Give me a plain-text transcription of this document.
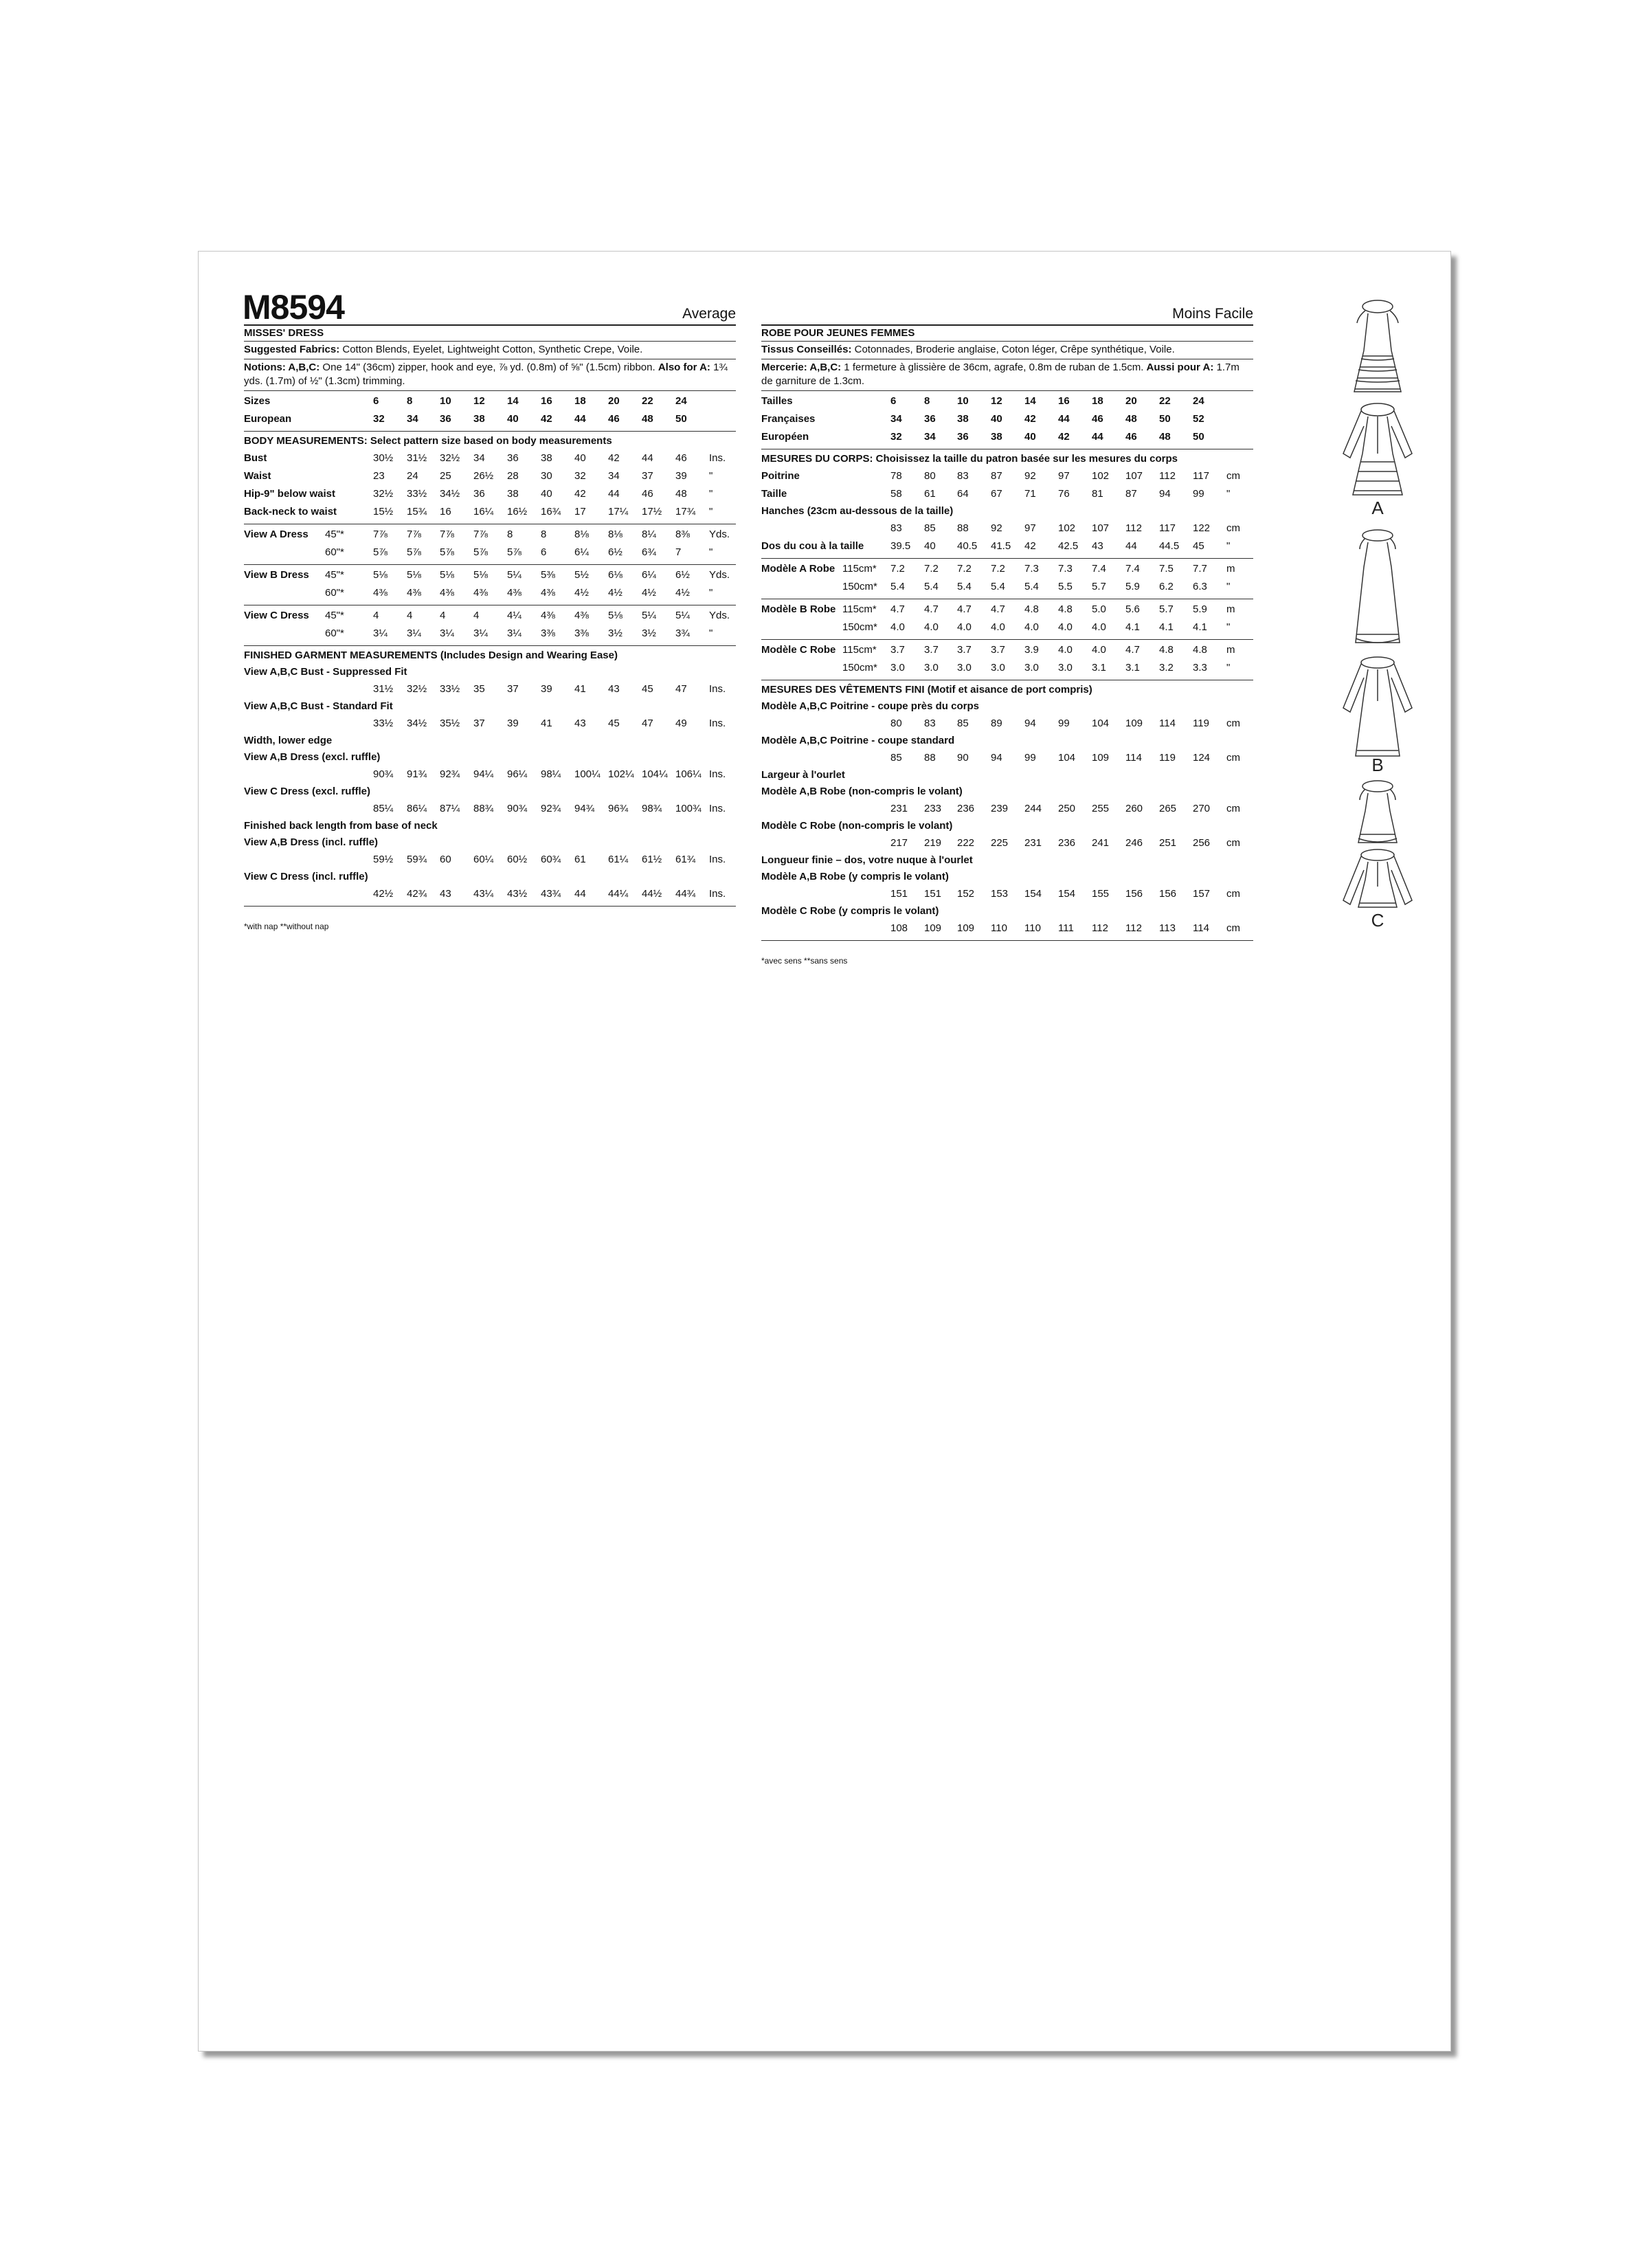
M8594	Average
MISSES' DRESS
Suggested Fabrics: Cotton Blends, Eyelet, Lightweight Cotton, Synthetic Crepe, Voile.
Notions: A,B,C: One 14" (36cm) zipper, hook and eye, ⅞ yd. (0.8m) of ⅝" (1.5cm) ribbon. Also for A: 1¾ yds. (1.7m) of ½" (1.3cm) trimming.
Sizes	6	8	10 12 14 16 18 20 22 24
European	32 34 36 38 40 42 44 46 48 50
BODY MEASUREMENTS: Select pattern size based on body measurements
Bust	30½ 31½ 32½ 34 36 38 40 42 44 46 Ins.
Waist	23 24 25 26½ 28 30 32 34 37 39 "
Hip-9" below waist	32½ 33½ 34½ 36 38 40 42 44 46 48 "
Back-neck to waist	15½ 15¾ 16 16¼ 16½ 16¾ 17 17¼ 17½ 17¾ "
View A Dress 45"*	7⅞ 7⅞ 7⅞ 7⅞ 8	8	8⅛ 8⅛ 8¼ 8⅜ Yds.
60"*	5⅞ 5⅞ 5⅞ 5⅞ 5⅞ 6	6¼ 6½ 6¾ 7	"
View B Dress 45"*	5⅛ 5⅛ 5⅛ 5⅛ 5¼ 5⅜ 5½ 6⅛ 6¼ 6½ Yds.
60"*	4⅜ 4⅜ 4⅜ 4⅜ 4⅜ 4⅜ 4½ 4½ 4½ 4½ "
View C Dress 45"*	4	4	4	4	4¼ 4⅜ 4⅜ 5⅛ 5¼ 5¼ Yds.
60"*	3¼ 3¼ 3¼ 3¼ 3¼ 3⅜ 3⅜ 3½ 3½ 3¾ "
FINISHED GARMENT MEASUREMENTS (Includes Design and Wearing Ease)
View A,B,C Bust - Suppressed Fit
31½ 32½ 33½ 35 37 39 41 43 45 47 Ins.
View A,B,C Bust - Standard Fit
33½ 34½ 35½ 37 39 41 43 45 47 49 Ins.
Width, lower edge
View A,B Dress (excl. ruffle)
90¾ 91¾ 92¾ 94¼ 96¼ 98¼ 100¼ 102¼ 104¼ 106¼ Ins.
View C Dress (excl. ruffle)
85¼ 86¼ 87¼ 88¾ 90¾ 92¾ 94¾ 96¾ 98¾ 100¾ Ins.
Finished back length from base of neck
View A,B Dress (incl. ruffle)
59½ 59¾ 60 60¼ 60½ 60¾ 61 61¼ 61½ 61¾ Ins.
View C Dress (incl. ruffle)
42½ 42¾ 43 43¼ 43½ 43¾ 44 44¼ 44½ 44¾ Ins.
*with nap **without nap
Moins Facile
ROBE POUR JEUNES FEMMES
Tissus Conseillés: Cotonnades, Broderie anglaise, Coton léger, Crêpe synthétique, Voile.
Mercerie: A,B,C: 1 fermeture à glissière de 36cm, agrafe, 0.8m de ruban de 1.5cm. Aussi pour A: 1.7m de garniture de 1.3cm.
Tailles	6	8	10 12 14 16 18 20 22 24
Françaises	34 36 38 40 42 44 46 48 50 52
Européen	32 34 36 38 40 42 44 46 48 50
MESURES DU CORPS: Choisissez la taille du patron basée sur les mesures du corps
Poitrine	78 80 83 87 92 97 102 107 112 117 cm
Taille	58 61 64 67 71 76 81 87 94 99 "
Hanches (23cm au-dessous de la taille)
83 85 88 92 97 102 107 112 117 122 cm
Dos du cou à la taille	39.5 40 40.5 41.5 42 42.5 43 44 44.5 45 "
Modèle A Robe 115cm* 7.2 7.2 7.2 7.2 7.3 7.3 7.4 7.4 7.5 7.7 m
150cm* 5.4 5.4 5.4 5.4 5.4 5.5 5.7 5.9 6.2 6.3 "
Modèle B Robe 115cm* 4.7 4.7 4.7 4.7 4.8 4.8 5.0 5.6 5.7 5.9 m
150cm* 4.0 4.0 4.0 4.0 4.0 4.0 4.0 4.1 4.1 4.1 "
Modèle C Robe 115cm* 3.7 3.7 3.7 3.7 3.9 4.0 4.0 4.7 4.8 4.8 m
150cm* 3.0 3.0 3.0 3.0 3.0 3.0 3.1 3.1 3.2 3.3 "
MESURES DES VÊTEMENTS FINI (Motif et aisance de port compris)
Modèle A,B,C Poitrine - coupe près du corps
80 83 85 89 94 99 104 109 114 119 cm
Modèle A,B,C Poitrine - coupe standard
85 88 90 94 99 104 109 114 119 124 cm
Largeur à l'ourlet
Modèle A,B Robe (non-compris le volant)
231 233 236 239 244 250 255 260 265 270 cm
Modèle C Robe (non-compris le volant)
217 219 222 225 231 236 241 246 251 256 cm
Longueur finie – dos, votre nuque à l'ourlet
Modèle A,B Robe (y compris le volant)
151 151 152 153 154 154 155 156 156 157 cm
Modèle C Robe (y compris le volant)
108 109 109 110 110 111 112 112 113 114 cm
*avec sens **sans sens
A
B
C
